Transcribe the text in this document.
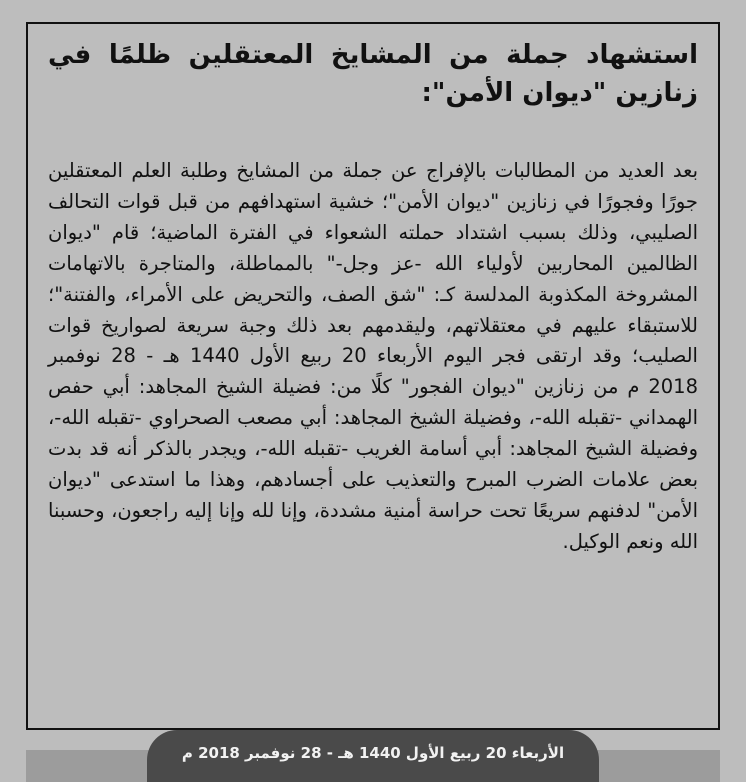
استشهاد جملة من المشايخ المعتقلين ظلمًا في زنازين "ديوان الأمن":

بعد العديد من المطالبات بالإفراج عن جملة من المشايخ وطلبة العلم المعتقلين جورًا وفجورًا في زنازين "ديوان الأمن"؛ خشية استهدافهم من قبل قوات التحالف الصليبي، وذلك بسبب اشتداد حملته الشعواء في الفترة الماضية؛ قام "ديوان الظالمين المحاربين لأولياء الله -عز وجل-" بالمماطلة، والمتاجرة بالاتهامات المشروخة المكذوبة المدلسة كـ: "شق الصف، والتحريض على الأمراء، والفتنة"؛ للاستبقاء عليهم في معتقلاتهم، وليقدمهم بعد ذلك وجبة سريعة لصواريخ قوات الصليب؛ وقد ارتقى فجر اليوم الأربعاء 20 ربيع الأول 1440 هـ - 28 نوفمبر 2018 م من زنازين "ديوان الفجور" كلًا من: فضيلة الشيخ المجاهد: أبي حفص الهمداني -تقبله الله-، وفضيلة الشيخ المجاهد: أبي مصعب الصحراوي -تقبله الله-، وفضيلة الشيخ المجاهد: أبي أسامة الغريب -تقبله الله-، ويجدر بالذكر أنه قد بدت بعض علامات الضرب المبرح والتعذيب على أجسادهم، وهذا ما استدعى "ديوان الأمن" لدفنهم سريعًا تحت حراسة أمنية مشددة، وإنا لله وإنا إليه راجعون، وحسبنا الله ونعم الوكيل.

الأربعاء 20 ربيع الأول 1440 هـ - 28 نوفمبر 2018 م
